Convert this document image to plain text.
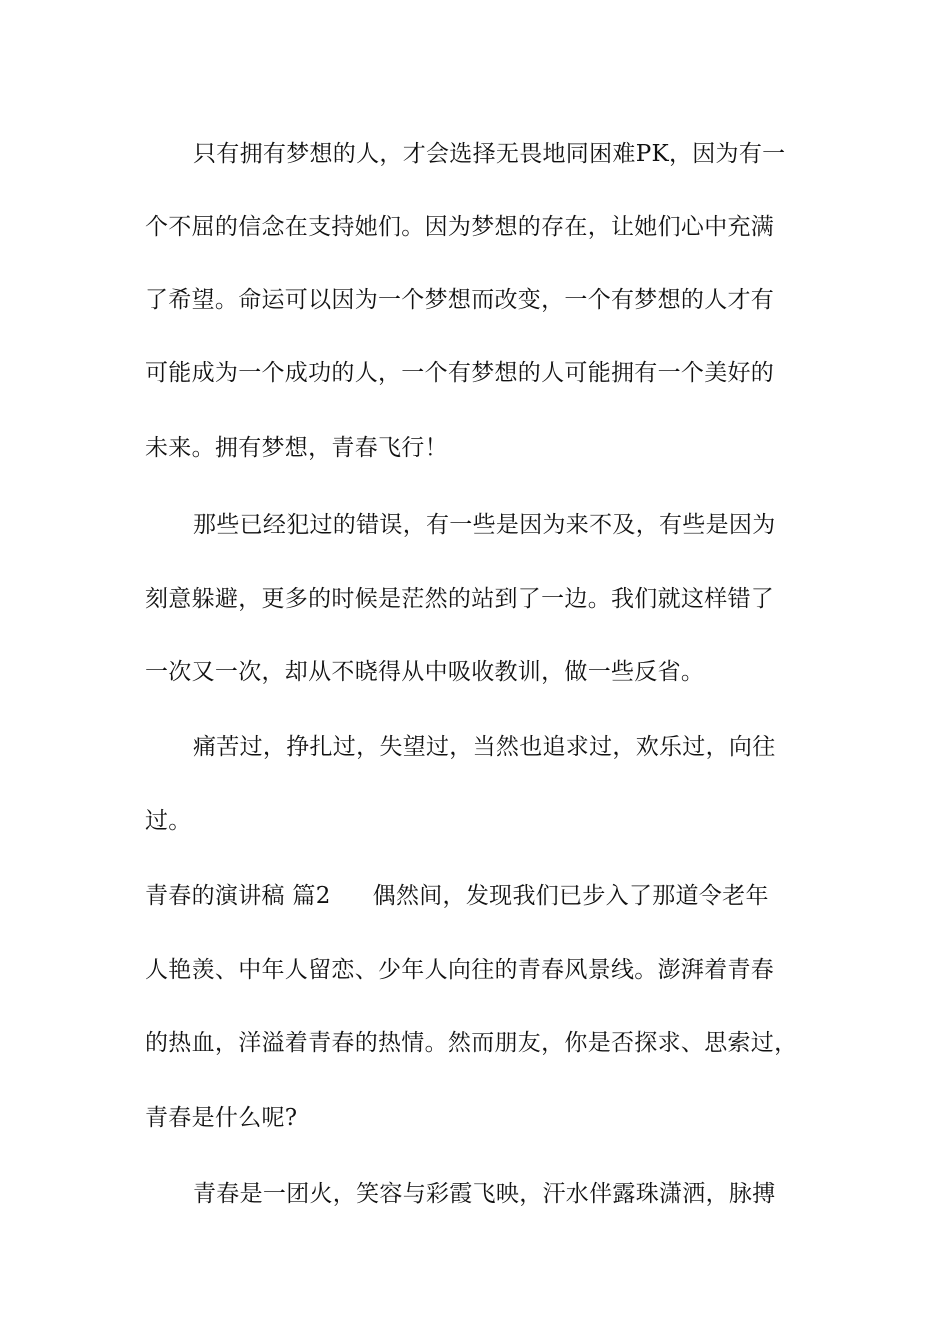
只有拥有梦想的人，才会选择无畏地同困难PK，因为有一
个不屈的信念在支持她们。因为梦想的存在，让她们心中充满
了希望。命运可以因为一个梦想而改变，一个有梦想的人才有
可能成为一个成功的人，一个有梦想的人可能拥有一个美好的
未来。拥有梦想，青春飞行！
那些已经犯过的错误，有一些是因为来不及，有些是因为
刻意躲避，更多的时候是茫然的站到了一边。我们就这样错了
一次又一次，却从不晓得从中吸收教训，做一些反省。
痛苦过，挣扎过，失望过，当然也追求过，欢乐过，向往
过。
青春的演讲稿 篇2 偶然间，发现我们已步入了那道令老年
人艳羡、中年人留恋、少年人向往的青春风景线。澎湃着青春
的热血，洋溢着青春的热情。然而朋友，你是否探求、思索过，
青春是什么呢?
青春是一团火，笑容与彩霞飞映，汗水伴露珠潇洒，脉搏
